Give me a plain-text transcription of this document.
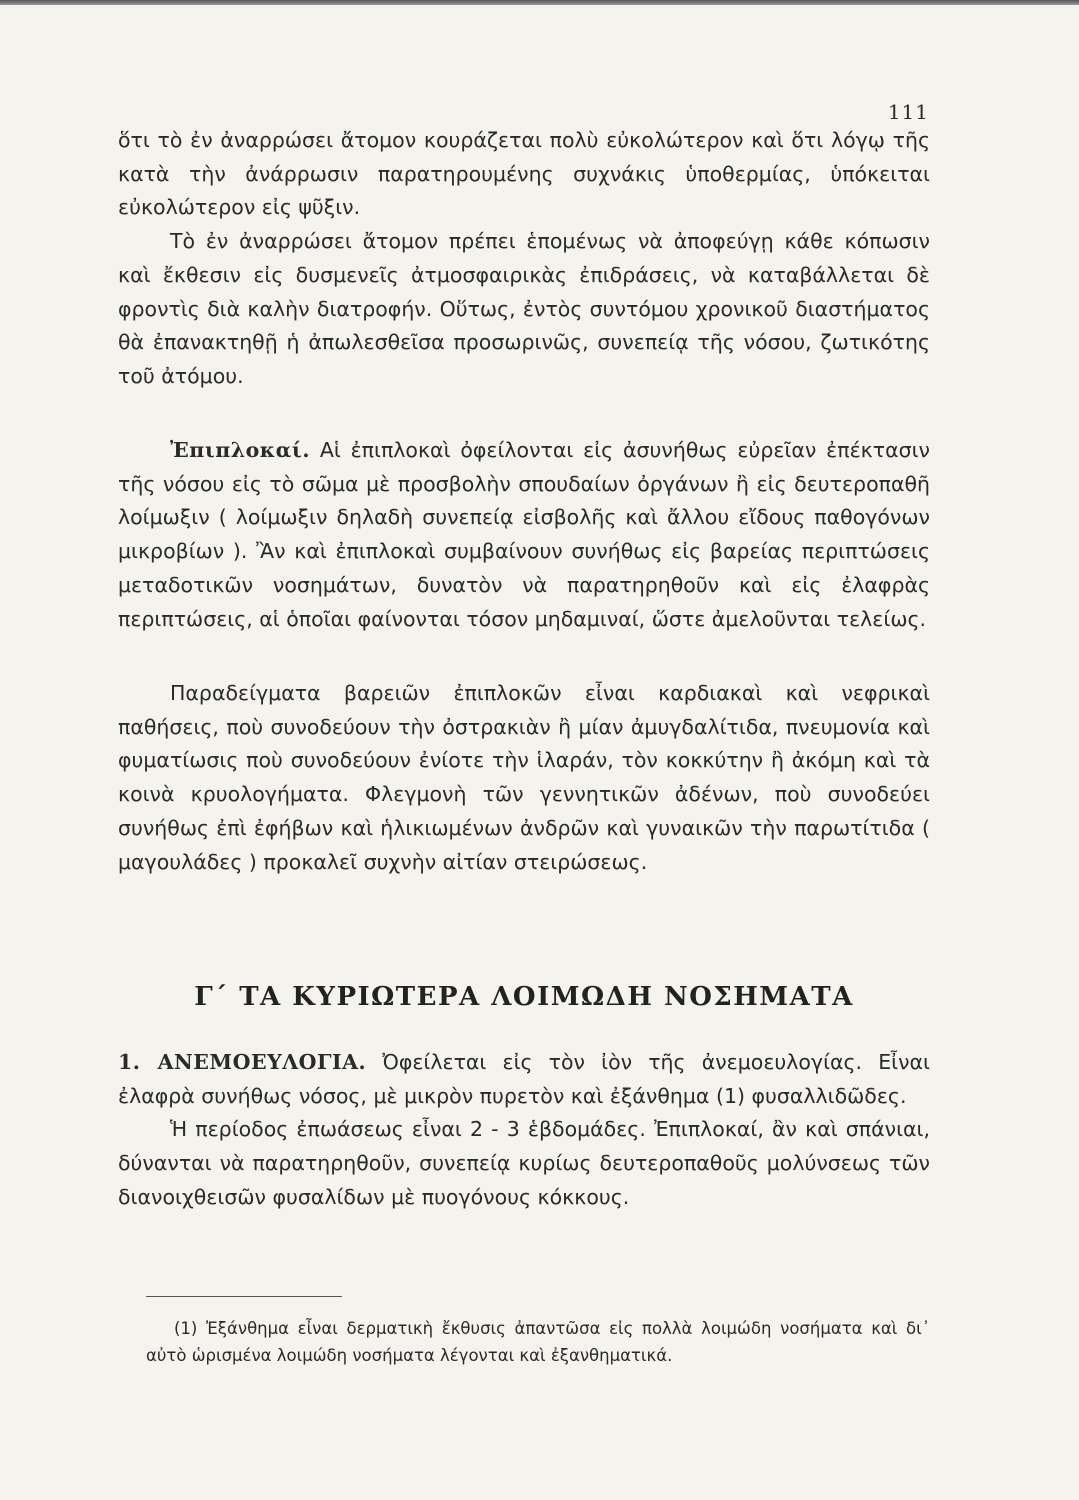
111

ὅτι τὸ ἐν ἀναρρώσει ἄτομον κουράζεται πολὺ εὐκολώτερον καὶ ὅτι λόγῳ τῆς κατὰ τὴν ἀνάρρωσιν παρατηρουμένης συχνάκις ὑποθερμίας, ὑπόκειται εὐκολώτερον εἰς ψῦξιν.

Τὸ ἐν ἀναρρώσει ἄτομον πρέπει ἑπομένως νὰ ἀποφεύγῃ κάθε κόπωσιν καὶ ἔκθεσιν εἰς δυσμενεῖς ἀτμοσφαιρικὰς ἐπιδράσεις, νὰ καταβάλλεται δὲ φροντὶς διὰ καλὴν διατροφήν. Οὕτως, ἐντὸς συντόμου χρονικοῦ διαστήματος θὰ ἐπανακτηθῇ ἡ ἀπωλεσθεῖσα προσωρινῶς, συνεπείᾳ τῆς νόσου, ζωτικότης τοῦ ἀτόμου.

Ἐπιπλοκαί. Αἱ ἐπιπλοκαὶ ὀφείλονται εἰς ἀσυνήθως εὐρεῖαν ἐπέκτασιν τῆς νόσου εἰς τὸ σῶμα μὲ προσβολὴν σπουδαίων ὀργάνων ἢ εἰς δευτεροπαθῆ λοίμωξιν ( λοίμωξιν δηλαδὴ συνεπείᾳ εἰσβολῆς καὶ ἄλλου εἴδους παθογόνων μικροβίων ). Ἂν καὶ ἐπιπλοκαὶ συμβαίνουν συνήθως εἰς βαρείας περιπτώσεις μεταδοτικῶν νοσημάτων, δυνατὸν νὰ παρατηρηθοῦν καὶ εἰς ἐλαφρὰς περιπτώσεις, αἱ ὁποῖαι φαίνονται τόσον μηδαμιναί, ὥστε ἀμελοῦνται τελείως.

Παραδείγματα βαρειῶν ἐπιπλοκῶν εἶναι καρδιακαὶ καὶ νεφρικαὶ παθήσεις, ποὺ συνοδεύουν τὴν ὀστρακιὰν ἢ μίαν ἀμυγδαλίτιδα, πνευμονία καὶ φυματίωσις ποὺ συνοδεύουν ἐνίοτε τὴν ἱλαράν, τὸν κοκκύτην ἢ ἀκόμη καὶ τὰ κοινὰ κρυολογήματα. Φλεγμονὴ τῶν γεννητικῶν ἀδένων, ποὺ συνοδεύει συνήθως ἐπὶ ἐφήβων καὶ ἡλικιωμένων ἀνδρῶν καὶ γυναικῶν τὴν παρωτίτιδα ( μαγουλάδες ) προκαλεῖ συχνὴν αἰτίαν στειρώσεως.

Γ΄ ΤΑ ΚΥΡΙΩΤΕΡΑ ΛΟΙΜΩΔΗ ΝΟΣΗΜΑΤΑ

1. ΑΝΕΜΟΕΥΛΟΓΙΑ. Ὀφείλεται εἰς τὸν ἰὸν τῆς ἀνεμοευλογίας. Εἶναι ἐλαφρὰ συνήθως νόσος, μὲ μικρὸν πυρετὸν καὶ ἐξάνθημα (1) φυσαλλιδῶδες.

Ἡ περίοδος ἐπωάσεως εἶναι 2 - 3 ἑβδομάδες. Ἐπιπλοκαί, ἂν καὶ σπάνιαι, δύνανται νὰ παρατηρηθοῦν, συνεπείᾳ κυρίως δευτεροπαθοῦς μολύνσεως τῶν διανοιχθεισῶν φυσαλίδων μὲ πυογόνους κόκκους.

(1) Ἐξάνθημα εἶναι δερματικὴ ἔκθυσις ἀπαντῶσα εἰς πολλὰ λοιμώδη νοσήματα καὶ δι᾽ αὐτὸ ὡρισμένα λοιμώδη νοσήματα λέγονται καὶ ἐξανθηματικά.
